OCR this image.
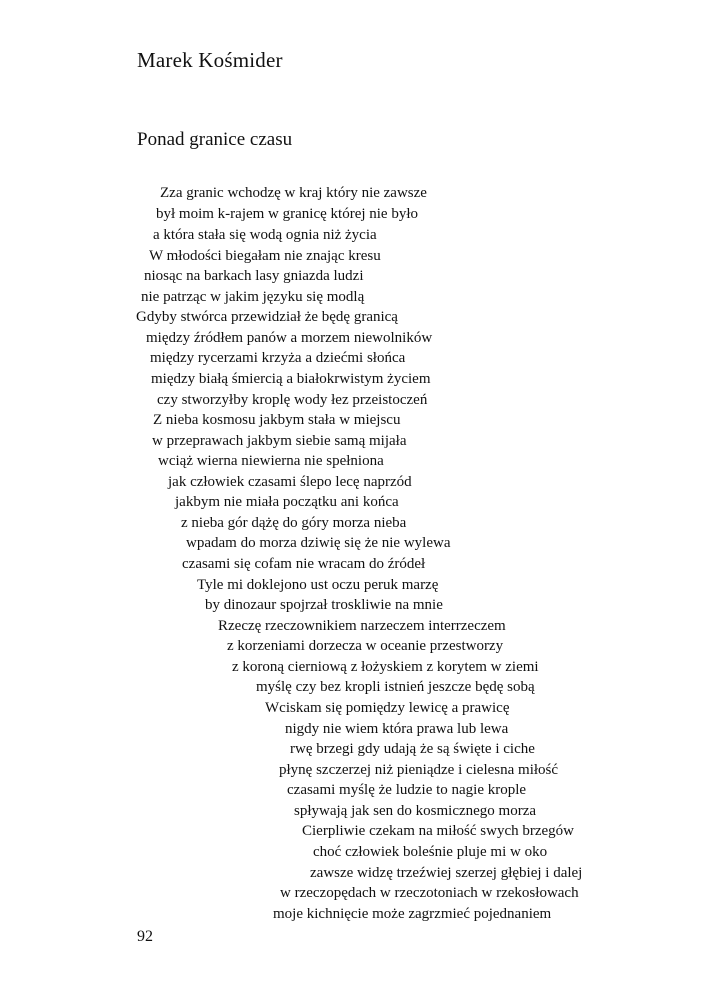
Marek Kośmider
Ponad granice czasu
Zza granic wchodzę w kraj który nie zawsze
był moim k-rajem w granicę której nie było
a która stała się wodą ognia niż życia
W młodości biegałam nie znając kresu
niosąc na barkach lasy gniazda ludzi
nie patrząc w jakim języku się modlą
Gdyby stwórca przewidział że będę granicą
między źródłem panów a morzem niewolników
między rycerzami krzyża a dziećmi słońca
między białą śmiercią a białokrwistym życiem
czy stworzyłby kroplę wody łez przeistoczeń
Z nieba kosmosu jakbym stała w miejscu
w przeprawach jakbym siebie samą mijała
wciąż wierna niewierna nie spełniona
jak człowiek czasami ślepo lecę naprzód
jakbym nie miała początku ani końca
z nieba gór dążę do góry morza nieba
wpadam do morza dziwię się że nie wylewa
czasami się cofam nie wracam do źródeł
Tyle mi doklejono ust oczu peruk marzę
by dinozaur spojrzał troskliwie na mnie
Rzeczę rzeczownikiem narzeczem interrzeczem
z korzeniami dorzecza w oceanie przestworzy
z koroną cierniową z łożyskiem z korytem w ziemi
myślę czy bez kropli istnień jeszcze będę sobą
Wciskam się pomiędzy lewicę a prawicę
nigdy nie wiem która prawa lub lewa
rwę brzegi gdy udają że są święte i ciche
płynę szczerzej niż pieniądze i cielesna miłość
czasami myślę że ludzie to nagie krople
spływają jak sen do kosmicznego morza
Cierpliwie czekam na miłość swych brzegów
choć człowiek boleśnie pluje mi w oko
zawsze widzę trzeźwiej szerzej głębiej i dalej
w rzeczopędach w rzeczotoniach w rzekosłowach
moje kichnięcie może zagrzmieć pojednaniem
92
